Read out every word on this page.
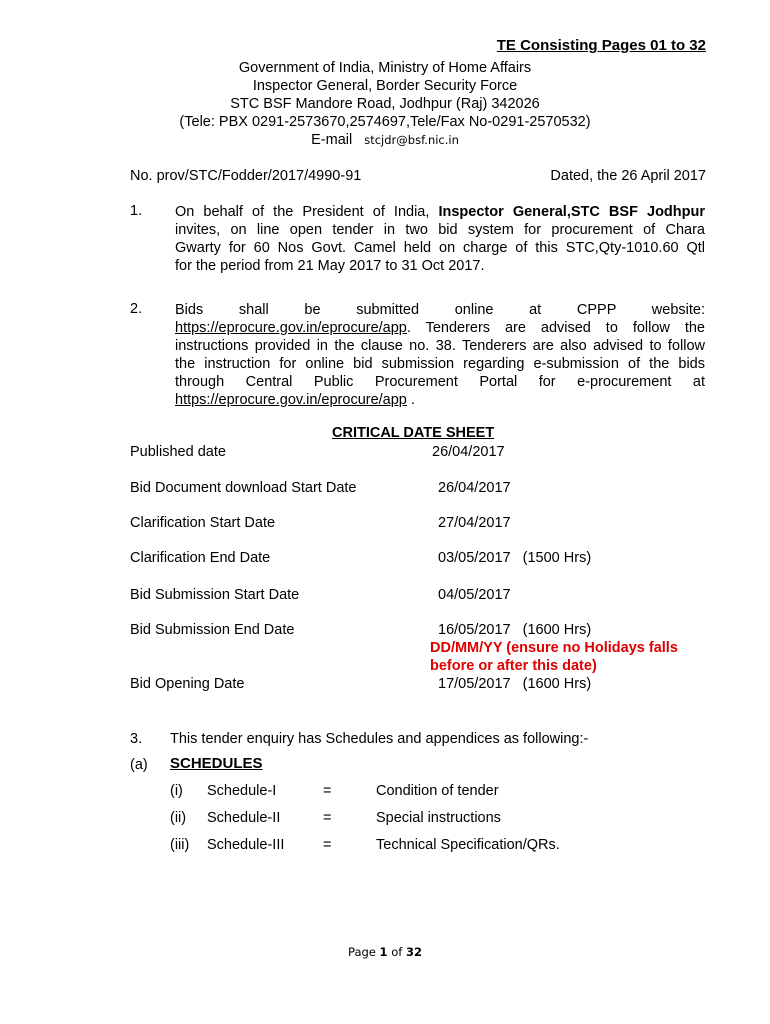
TE Consisting Pages 01 to 32
Government of India, Ministry of Home Affairs
Inspector General, Border Security Force
STC BSF Mandore Road, Jodhpur (Raj) 342026
(Tele: PBX 0291-2573670,2574697,Tele/Fax No-0291-2570532)
E-mail stcjdr@bsf.nic.in
No. prov/STC/Fodder/2017/4990-91	Dated, the 26 April 2017
1. On behalf of the President of India, Inspector General,STC BSF Jodhpur
invites, on line open tender in two bid system for procurement of Chara
Gwarty for 60 Nos Govt. Camel held on charge of this STC,Qty-1010.60 Qtl
for the period from 21 May 2017 to 31 Oct 2017.
2. Bids shall be submitted online at CPPP website:
https://eprocure.gov.in/eprocure/app. Tenderers are advised to follow the
instructions provided in the clause no. 38. Tenderers are also advised to follow
the instruction for online bid submission regarding e-submission of the bids
through Central Public Procurement Portal for e-procurement at
https://eprocure.gov.in/eprocure/app .
CRITICAL DATE SHEET
Published date	26/04/2017
Bid Document download Start Date	26/04/2017
Clarification Start Date	27/04/2017
Clarification End Date	03/05/2017   (1500 Hrs)
Bid Submission Start Date	04/05/2017
Bid Submission End Date	16/05/2017   (1600 Hrs)
DD/MM/YY (ensure no Holidays falls
before or after this date)
Bid Opening Date	17/05/2017   (1600 Hrs)
3. This tender enquiry has Schedules and appendices as following:-
(a) SCHEDULES
(i) Schedule-I	=	Condition of tender
(ii) Schedule-II	=	Special instructions
(iii) Schedule-III	=	Technical Specification/QRs.
Page 1 of 32
